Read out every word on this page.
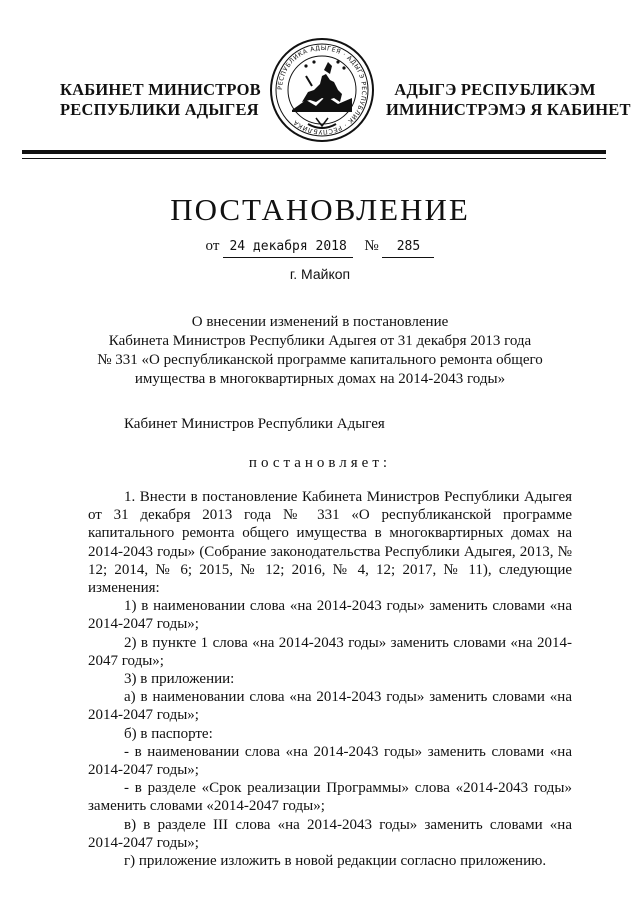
КАБИНЕТ МИНИСТРОВ
РЕСПУБЛИКИ АДЫГЕЯ
РЕСПУБЛИКА АДЫГЕЯ · АДЫГЭ РЕСПУБЛИК · РЕСПУБЛИКА
АДЫГЭ РЕСПУБЛИКЭМ
ИМИНИСТРЭМЭ Я КАБИНЕТ
ПОСТАНОВЛЕНИЕ
от 24 декабря 2018 № 285
г. Майкоп
О внесении изменений в постановление
Кабинета Министров Республики Адыгея от 31 декабря 2013 года
№ 331 «О республиканской программе капитального ремонта общего
имущества в многоквартирных домах на 2014-2043 годы»
Кабинет Министров Республики Адыгея
постановляет:

1. Внести в постановление Кабинета Министров Республики Адыгея от 31 декабря 2013 года № 331 «О республиканской программе капитального ремонта общего имущества в многоквартирных домах на 2014-2043 годы» (Собрание законодательства Республики Адыгея, 2013, № 12; 2014, № 6; 2015, № 12; 2016, № 4, 12; 2017, № 11), следующие изменения:

1) в наименовании слова «на 2014-2043 годы» заменить словами «на 2014-2047 годы»;

2) в пункте 1 слова «на 2014-2043 годы» заменить словами «на 2014-2047 годы»;

3) в приложении:

а) в наименовании слова «на 2014-2043 годы» заменить словами «на 2014-2047 годы»;

б) в паспорте:

- в наименовании слова «на 2014-2043 годы» заменить словами «на 2014-2047 годы»;

- в разделе «Срок реализации Программы» слова «2014-2043 годы» заменить словами «2014-2047 годы»;

в) в разделе III слова «на 2014-2043 годы» заменить словами «на 2014-2047 годы»;

г) приложение изложить в новой редакции согласно приложению.
